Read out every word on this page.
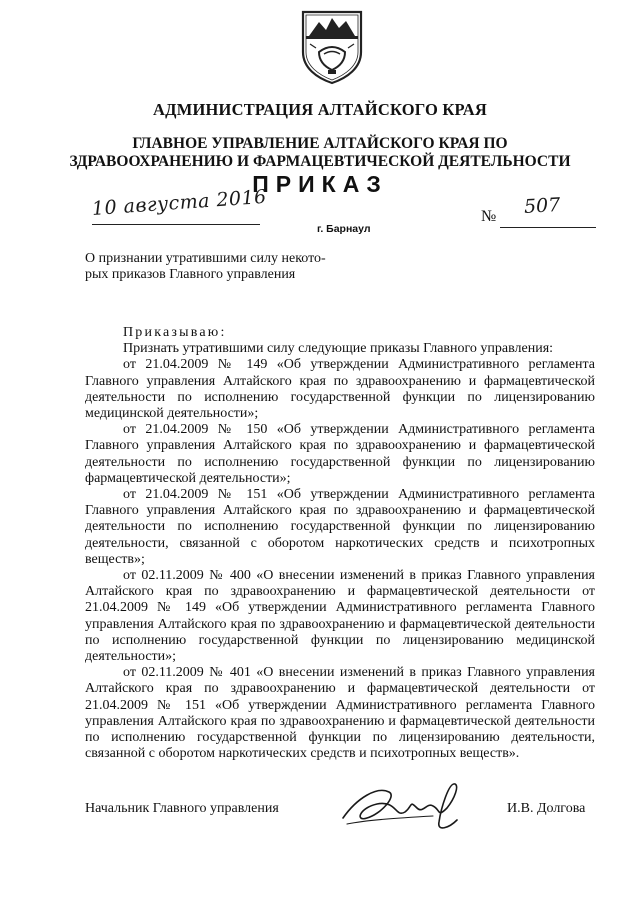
АДМИНИСТРАЦИЯ АЛТАЙСКОГО КРАЯ
ГЛАВНОЕ УПРАВЛЕНИЕ АЛТАЙСКОГО КРАЯ ПО
ЗДРАВООХРАНЕНИЮ И ФАРМАЦЕВТИЧЕСКОЙ ДЕЯТЕЛЬНОСТИ
ПРИКАЗ
10 августа 2016
г. Барнаул
№ 507
О признании утратившими силу некото-
рых приказов Главного управления
Приказываю:

Признать утратившими силу следующие приказы Главного управления:

от 21.04.2009 № 149 «Об утверждении Административного регламента Главного управления Алтайского края по здравоохранению и фармацевтической деятельности по исполнению государственной функции по лицензированию медицинской деятельности»;

от 21.04.2009 № 150 «Об утверждении Административного регламента Главного управления Алтайского края по здравоохранению и фармацевтической деятельности по исполнению государственной функции по лицензированию фармацевтической деятельности»;

от 21.04.2009 № 151 «Об утверждении Административного регламента Главного управления Алтайского края по здравоохранению и фармацевтической деятельности по исполнению государственной функции по лицензированию деятельности, связанной с оборотом наркотических средств и психотропных веществ»;

от 02.11.2009 № 400 «О внесении изменений в приказ Главного управления Алтайского края по здравоохранению и фармацевтической деятельности от 21.04.2009 № 149 «Об утверждении Административного регламента Главного управления Алтайского края по здравоохранению и фармацевтической деятельности по исполнению государственной функции по лицензированию медицинской деятельности»;

от 02.11.2009 № 401 «О внесении изменений в приказ Главного управления Алтайского края по здравоохранению и фармацевтической деятельности от 21.04.2009 № 151 «Об утверждении Административного регламента Главного управления Алтайского края по здравоохранению и фармацевтической деятельности по исполнению государственной функции по лицензированию деятельности, связанной с оборотом наркотических средств и психотропных веществ».

Начальник Главного управления	И.В. Долгова
